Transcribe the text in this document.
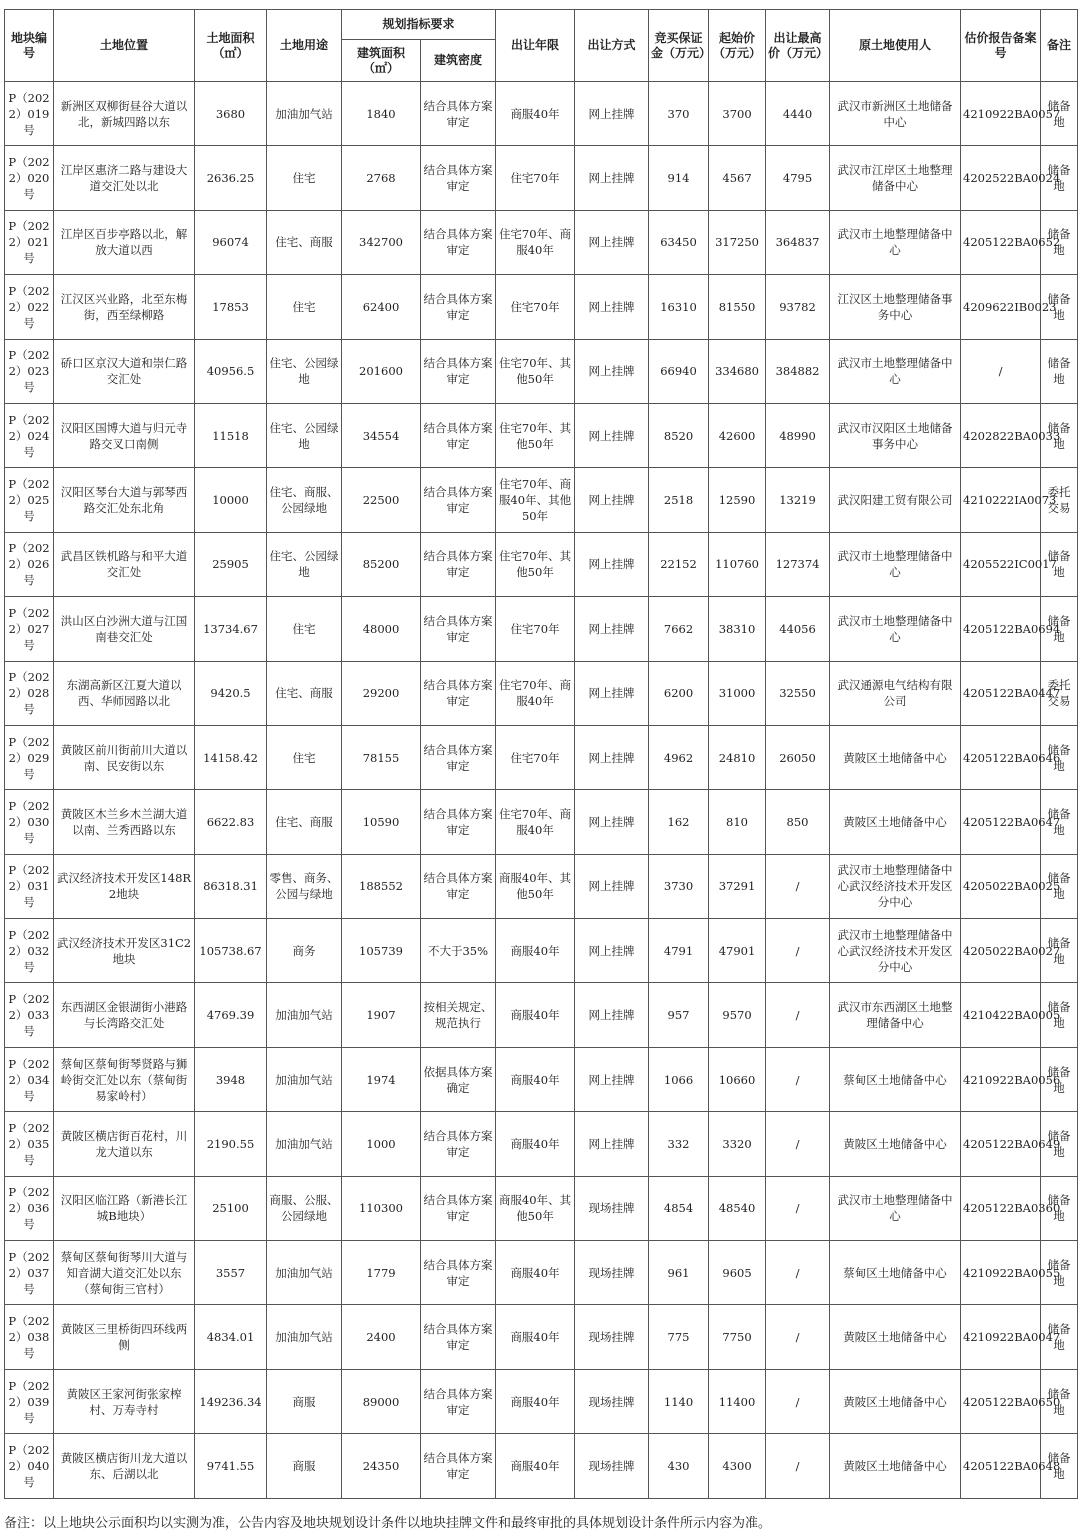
地块编号	土地位置	土地面积（㎡）	土地用途	规划指标要求		出让年限	出让方式	竞买保证金（万元）	起始价（万元）	出让最高价（万元）	原土地使用人	估价报告备案号	备注
				建筑面积（㎡）	建筑密度								
P（2022）019号	新洲区双柳街昼谷大道以北，新城四路以东	3680	加油加气站	1840	结合具体方案审定	商服40年	网上挂牌	370	3700	4440	武汉市新洲区土地储备中心	4210922BA0057	储备地
P（2022）020号	江岸区惠济二路与建设大道交汇处以北	2636.25	住宅	2768	结合具体方案审定	住宅70年	网上挂牌	914	4567	4795	武汉市江岸区土地整理储备中心	4202522BA0024	储备地
P（2022）021号	江岸区百步亭路以北，解放大道以西	96074	住宅、商服	342700	结合具体方案审定	住宅70年、商服40年	网上挂牌	63450	317250	364837	武汉市土地整理储备中心	4205122BA0652	储备地
P（2022）022号	江汉区兴业路，北至东梅街，西至绿柳路	17853	住宅	62400	结合具体方案审定	住宅70年	网上挂牌	16310	81550	93782	江汉区土地整理储备事务中心	4209622IB0023	储备地
P（2022）023号	硚口区京汉大道和崇仁路交汇处	40956.5	住宅、公园绿地	201600	结合具体方案审定	住宅70年、其他50年	网上挂牌	66940	334680	384882	武汉市土地整理储备中心	/	储备地
P（2022）024号	汉阳区国博大道与归元寺路交叉口南侧	11518	住宅、公园绿地	34554	结合具体方案审定	住宅70年、其他50年	网上挂牌	8520	42600	48990	武汉市汉阳区土地储备事务中心	4202822BA0033	储备地
P（2022）025号	汉阳区琴台大道与郭琴西路交汇处东北角	10000	住宅、商服、公园绿地	22500	结合具体方案审定	住宅70年、商服40年、其他50年	网上挂牌	2518	12590	13219	武汉阳建工贸有限公司	4210222IA0073	委托交易
P（2022）026号	武昌区铁机路与和平大道交汇处	25905	住宅、公园绿地	85200	结合具体方案审定	住宅70年、其他50年	网上挂牌	22152	110760	127374	武汉市土地整理储备中心	4205522IC0017	储备地
P（2022）027号	洪山区白沙洲大道与江国南巷交汇处	13734.67	住宅	48000	结合具体方案审定	住宅70年	网上挂牌	7662	38310	44056	武汉市土地整理储备中心	4205122BA0694	储备地
P（2022）028号	东湖高新区江夏大道以西、华师园路以北	9420.5	住宅、商服	29200	结合具体方案审定	住宅70年、商服40年	网上挂牌	6200	31000	32550	武汉通源电气结构有限公司	4205122BA0447	委托交易
P（2022）029号	黄陂区前川街前川大道以南、民安街以东	14158.42	住宅	78155	结合具体方案审定	住宅70年	网上挂牌	4962	24810	26050	黄陂区土地储备中心	4205122BA0646	储备地
P（2022）030号	黄陂区木兰乡木兰湖大道以南、兰秀西路以东	6622.83	住宅、商服	10590	结合具体方案审定	住宅70年、商服40年	网上挂牌	162	810	850	黄陂区土地储备中心	4205122BA0647	储备地
P（2022）031号	武汉经济技术开发区148R2地块	86318.31	零售、商务、公园与绿地	188552	结合具体方案审定	商服40年、其他50年	网上挂牌	3730	37291	/	武汉市土地整理储备中心武汉经济技术开发区分中心	4205022BA0025	储备地
P（2022）032号	武汉经济技术开发区31C2地块	105738.67	商务	105739	不大于35%	商服40年	网上挂牌	4791	47901	/	武汉市土地整理储备中心武汉经济技术开发区分中心	4205022BA0027	储备地
P（2022）033号	东西湖区金银湖街小港路与长湾路交汇处	4769.39	加油加气站	1907	按相关规定、规范执行	商服40年	网上挂牌	957	9570	/	武汉市东西湖区土地整理储备中心	4210422BA0005	储备地
P（2022）034号	蔡甸区蔡甸街琴贤路与狮岭街交汇处以东（蔡甸街易家岭村）	3948	加油加气站	1974	依据具体方案确定	商服40年	网上挂牌	1066	10660	/	蔡甸区土地储备中心	4210922BA0056	储备地
P（2022）035号	黄陂区横店街百花村，川龙大道以东	2190.55	加油加气站	1000	结合具体方案审定	商服40年	网上挂牌	332	3320	/	黄陂区土地储备中心	4205122BA0649	储备地
P（2022）036号	汉阳区临江路（新港长江城B地块）	25100	商服、公服、公园绿地	110300	结合具体方案审定	商服40年、其他50年	现场挂牌	4854	48540	/	武汉市土地整理储备中心	4205122BA0360	储备地
P（2022）037号	蔡甸区蔡甸街琴川大道与知音湖大道交汇处以东（蔡甸街三官村）	3557	加油加气站	1779	结合具体方案审定	商服40年	现场挂牌	961	9605	/	蔡甸区土地储备中心	4210922BA0055	储备地
P（2022）038号	黄陂区三里桥街四环线两侧	4834.01	加油加气站	2400	结合具体方案审定	商服40年	现场挂牌	775	7750	/	黄陂区土地储备中心	4210922BA0047	储备地
P（2022）039号	黄陂区王家河街张家榨村、万寿寺村	149236.34	商服	89000	结合具体方案审定	商服40年	现场挂牌	1140	11400	/	黄陂区土地储备中心	4205122BA0650	储备地
P（2022）040号	黄陂区横店街川龙大道以东、后湖以北	9741.55	商服	24350	结合具体方案审定	商服40年	现场挂牌	430	4300	/	黄陂区土地储备中心	4205122BA0648	储备地
备注：以上地块公示面积均以实测为准，公告内容及地块规划设计条件以地块挂牌文件和最终审批的具体规划设计条件所示内容为准。
